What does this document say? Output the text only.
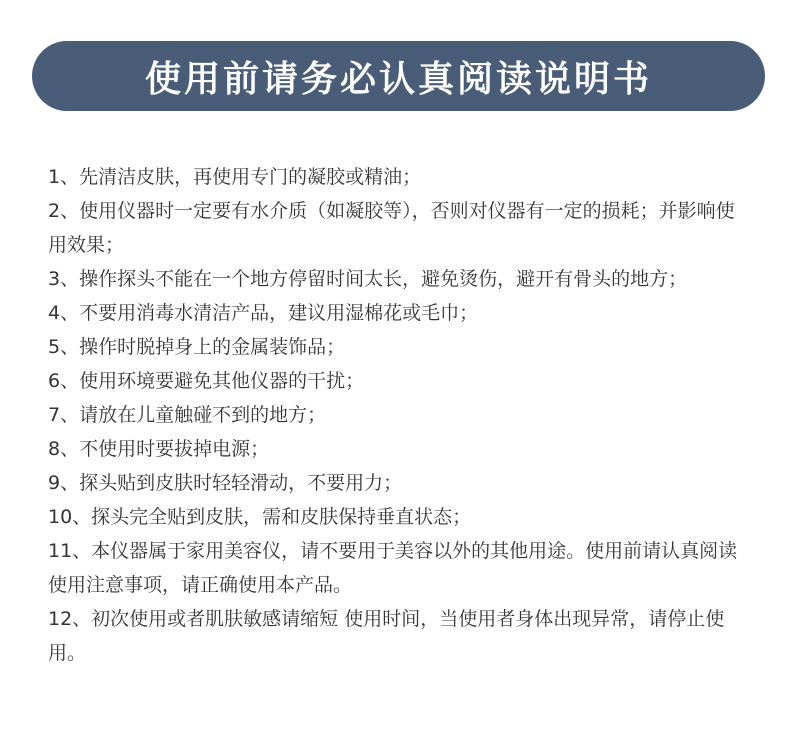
使用前请务必认真阅读说明书
1、先清洁皮肤，再使用专门的凝胶或精油；
2、使用仪器时一定要有水介质（如凝胶等），否则对仪器有一定的损耗；并影响使用效果；
3、操作探头不能在一个地方停留时间太长，避免烫伤，避开有骨头的地方；
4、不要用消毒水清洁产品，建议用湿棉花或毛巾；
5、操作时脱掉身上的金属装饰品；
6、使用环境要避免其他仪器的干扰；
7、请放在儿童触碰不到的地方；
8、不使用时要拔掉电源；
9、探头贴到皮肤时轻轻滑动，不要用力；
10、探头完全贴到皮肤，需和皮肤保持垂直状态；
11、本仪器属于家用美容仪，请不要用于美容以外的其他用途。使用前请认真阅读使用注意事项，请正确使用本产品。
12、初次使用或者肌肤敏感请缩短 使用时间，当使用者身体出现异常，请停止使用。
